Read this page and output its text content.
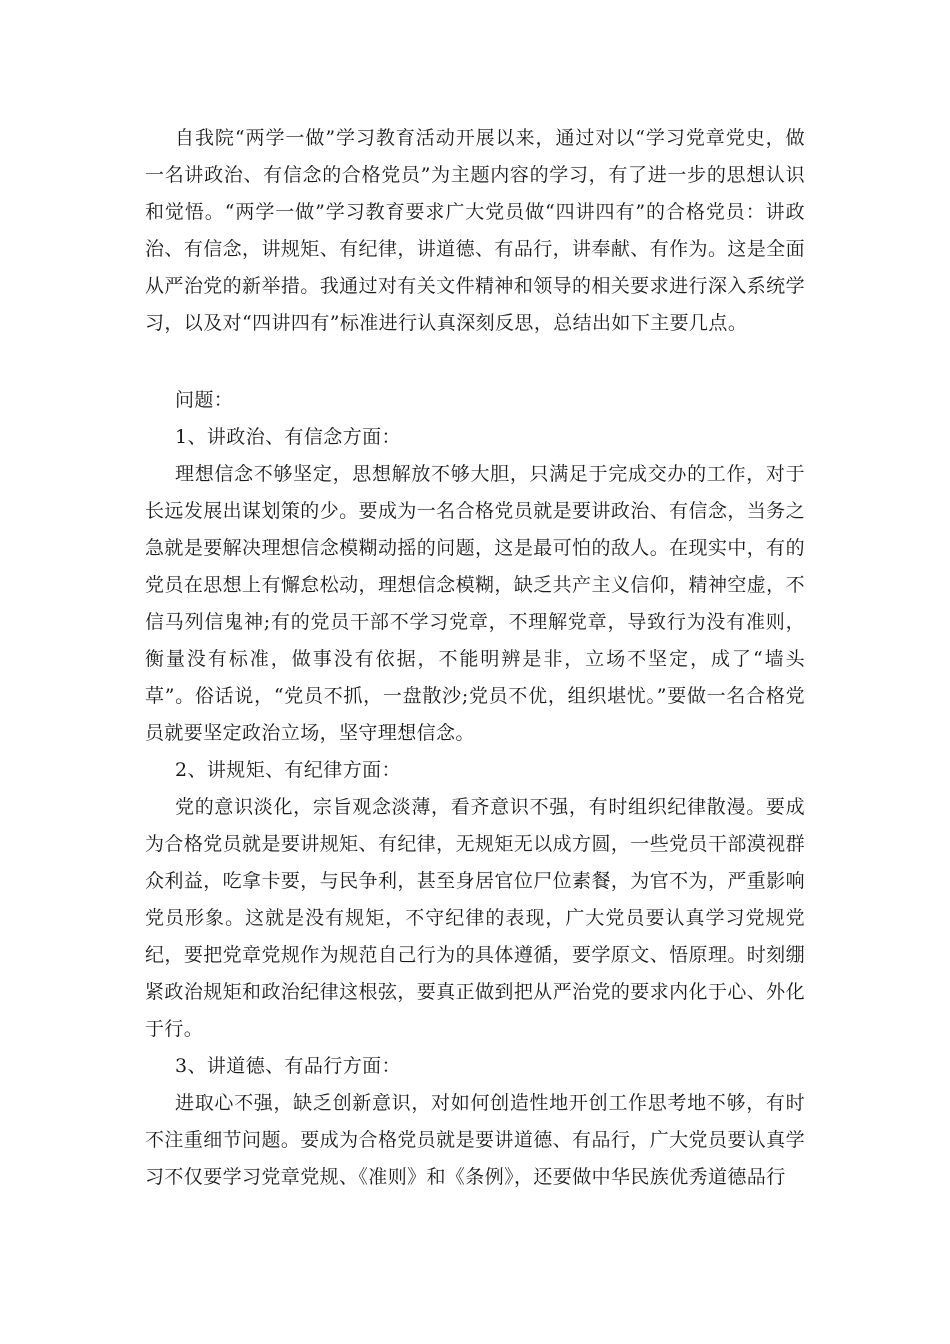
自我院“两学一做”学习教育活动开展以来，通过对以“学习党章党史，做一名讲政治、有信念的合格党员”为主题内容的学习，有了进一步的思想认识和觉悟。“两学一做”学习教育要求广大党员做“四讲四有”的合格党员：讲政治、有信念，讲规矩、有纪律，讲道德、有品行，讲奉献、有作为。这是全面从严治党的新举措。我通过对有关文件精神和领导的相关要求进行深入系统学习，以及对“四讲四有”标准进行认真深刻反思，总结出如下主要几点。

问题：

1、讲政治、有信念方面：

理想信念不够坚定，思想解放不够大胆，只满足于完成交办的工作，对于长远发展出谋划策的少。要成为一名合格党员就是要讲政治、有信念，当务之急就是要解决理想信念模糊动摇的问题，这是最可怕的敌人。在现实中，有的党员在思想上有懈怠松动，理想信念模糊，缺乏共产主义信仰，精神空虚，不信马列信鬼神;有的党员干部不学习党章，不理解党章，导致行为没有准则，衡量没有标准，做事没有依据，不能明辨是非，立场不坚定，成了“墙头草”。俗话说，“党员不抓，一盘散沙;党员不优，组织堪忧。”要做一名合格党员就要坚定政治立场，坚守理想信念。

2、讲规矩、有纪律方面：

党的意识淡化，宗旨观念淡薄，看齐意识不强，有时组织纪律散漫。要成为合格党员就是要讲规矩、有纪律，无规矩无以成方圆，一些党员干部漠视群众利益，吃拿卡要，与民争利，甚至身居官位尸位素餐，为官不为，严重影响党员形象。这就是没有规矩，不守纪律的表现，广大党员要认真学习党规党纪，要把党章党规作为规范自己行为的具体遵循，要学原文、悟原理。时刻绷紧政治规矩和政治纪律这根弦，要真正做到把从严治党的要求内化于心、外化于行。

3、讲道德、有品行方面：

进取心不强，缺乏创新意识，对如何创造性地开创工作思考地不够，有时不注重细节问题。要成为合格党员就是要讲道德、有品行，广大党员要认真学习不仅要学习党章党规、《准则》和《条例》，还要做中华民族优秀道德品行
